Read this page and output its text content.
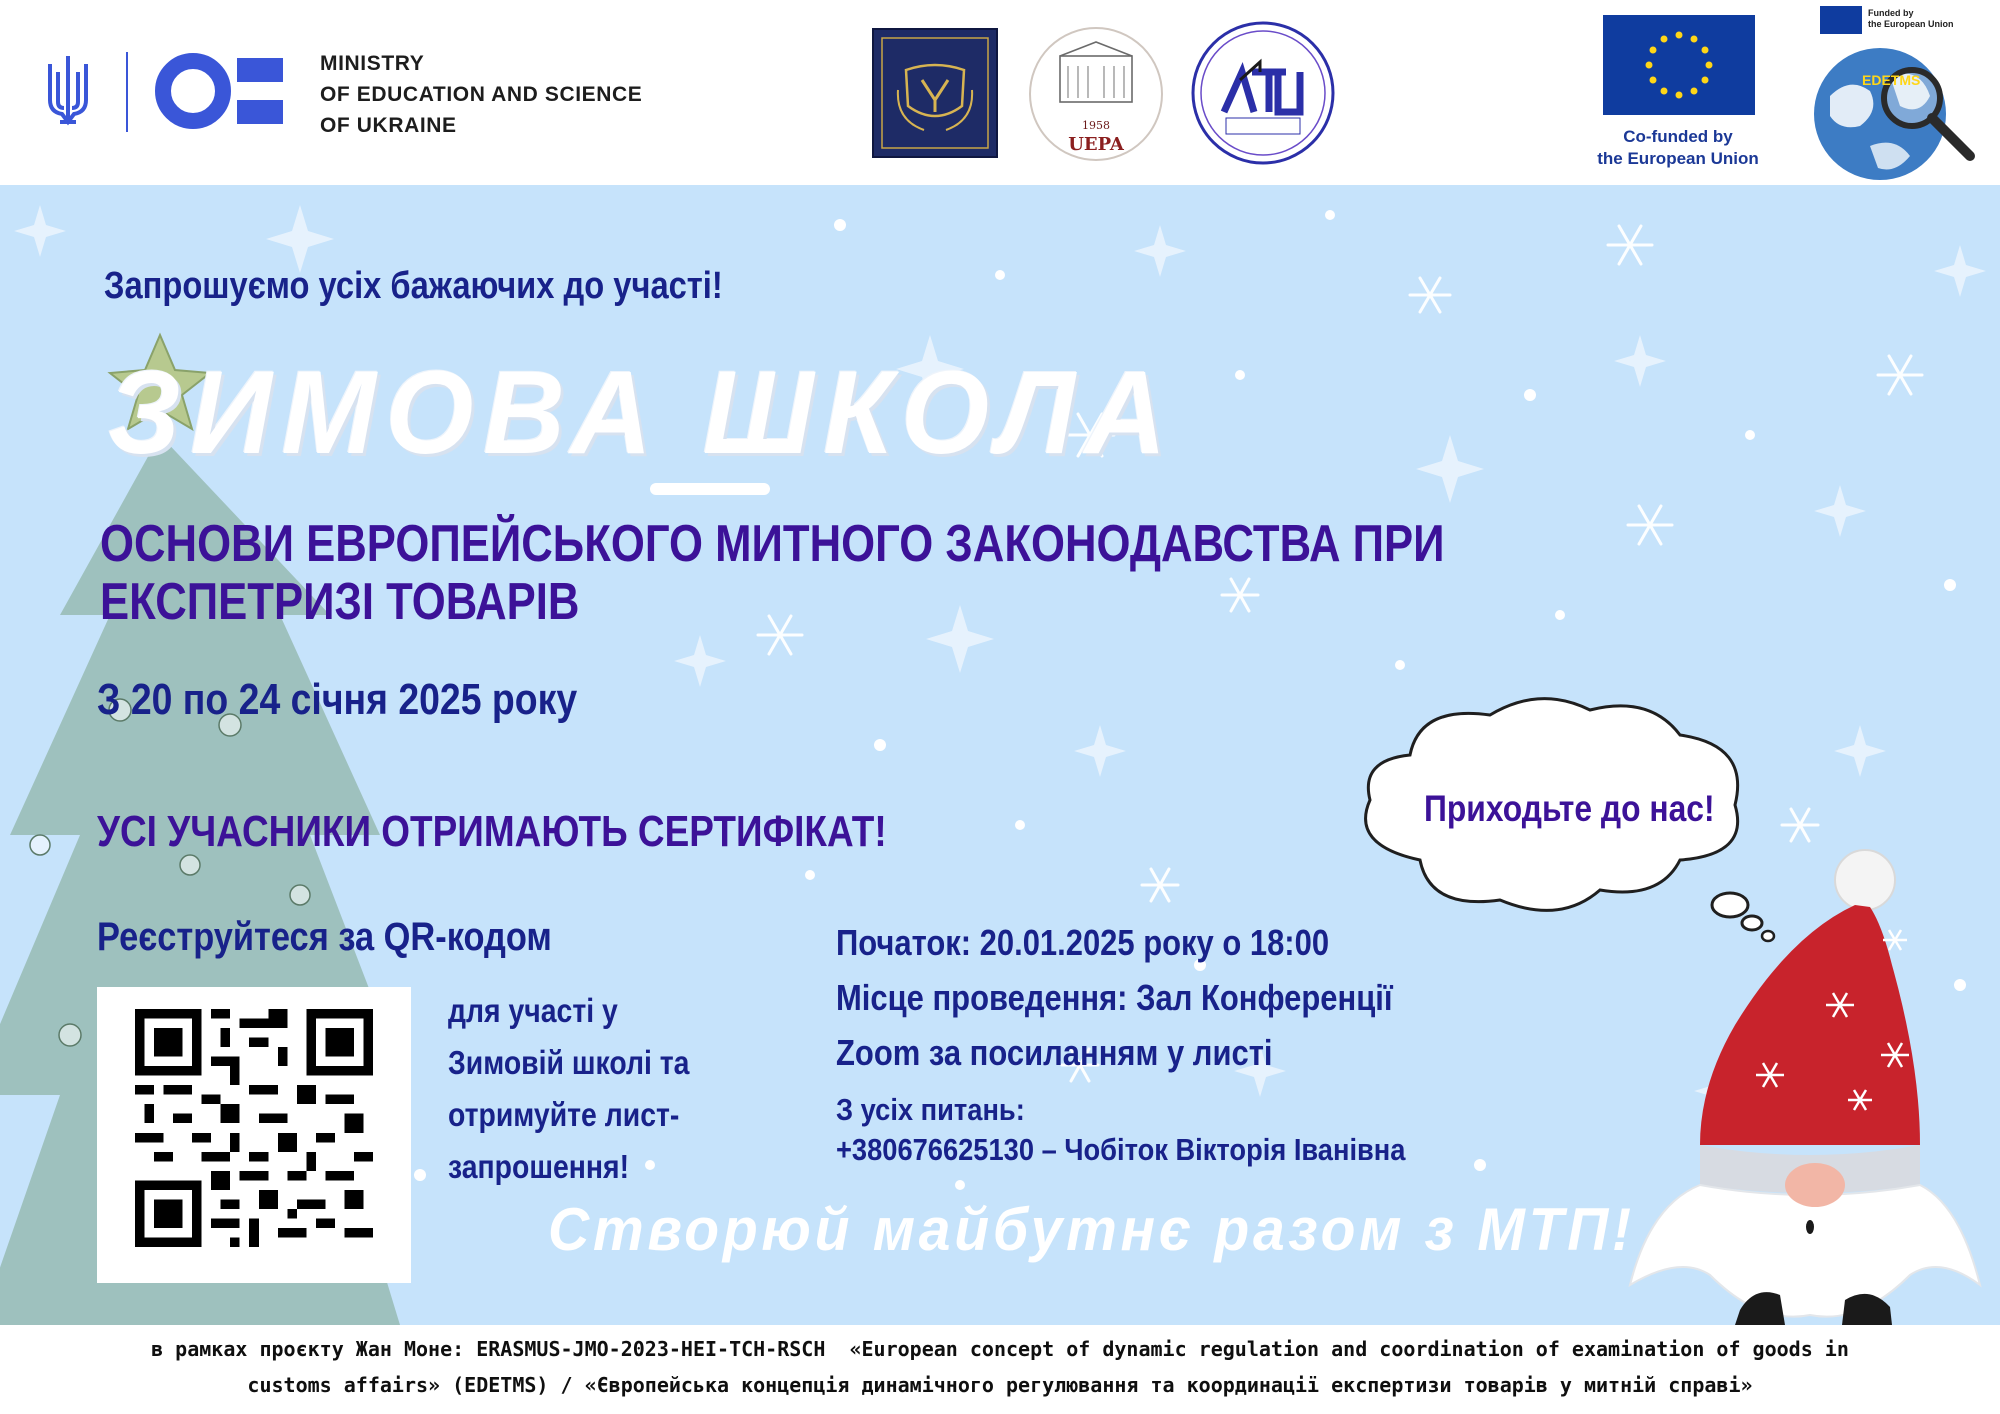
MINISTRY
OF EDUCATION AND SCIENCE
OF UKRAINE	1958
UEPA	Co-funded by
the European Union
Funded by
the European Union
EDETMS
Запрошуємо усіх бажаючих до участі!
ЗИМОВА ШКОЛА
ОСНОВИ ЕВРОПЕЙСЬКОГО МИТНОГО ЗАКОНОДАВСТВА ПРИ
ЕКСПЕТРИЗІ ТОВАРІВ
З 20 по 24 січня 2025 року
УСІ УЧАСНИКИ ОТРИМАЮТЬ СЕРТИФІКАТ!
Реєструйтеся за QR-кодом
для участі у
Зимовій школі та
отримуйте лист-
запрошення!
Початок: 20.01.2025 року о 18:00
Місце проведення: Зал Конференції
Zoom за посиланням у листі
З усіх питань:
+380676625130 – Чобіток Вікторія Іванівна
Приходьте до нас!
Створюй майбутнє разом з МТП!
в рамках проєкту Жан Моне: ERASMUS-JMO-2023-HEI-TCH-RSCH  «European concept of dynamic regulation and coordination of examination of goods in
customs affairs» (EDETMS) / «Європейська концепція динамічного регулювання та координації експертизи товарів у митній справі»
